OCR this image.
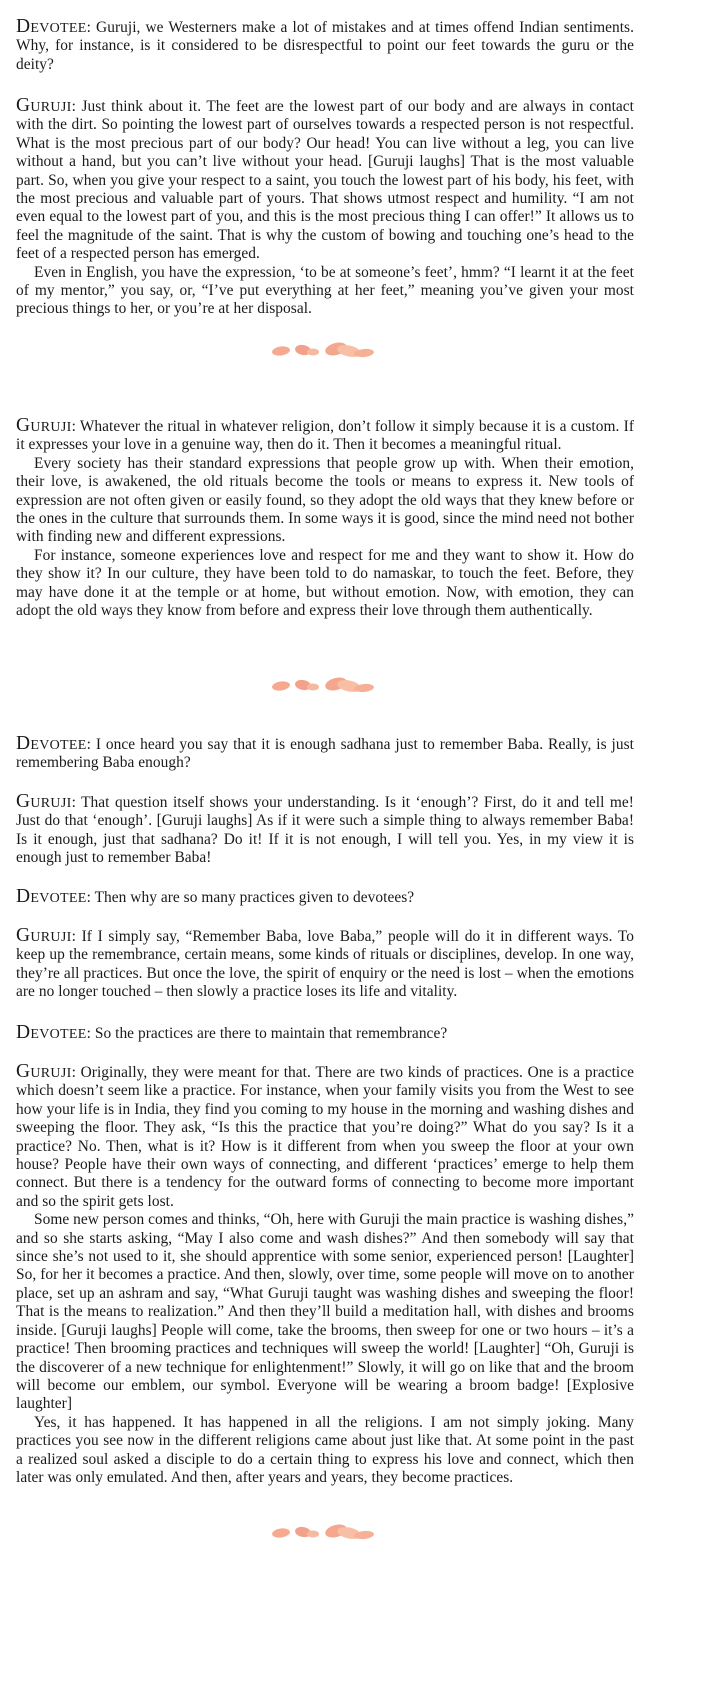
Devotee: Guruji, we Westerners make a lot of mistakes and at times offend Indian sentiments. Why, for instance, is it considered to be disrespectful to point our feet towards the guru or the deity?

Guruji: Just think about it. The feet are the lowest part of our body and are always in contact with the dirt. So pointing the lowest part of ourselves towards a respected person is not respectful. What is the most precious part of our body? Our head! You can live without a leg, you can live without a hand, but you can’t live without your head. [Guruji laughs] That is the most valuable part. So, when you give your respect to a saint, you touch the lowest part of his body, his feet, with the most precious and valuable part of yours. That shows utmost respect and humility. “I am not even equal to the lowest part of you, and this is the most precious thing I can offer!” It allows us to feel the magnitude of the saint. That is why the custom of bowing and touching one’s head to the feet of a respected person has emerged.

Even in English, you have the expression, ‘to be at someone’s feet’, hmm? “I learnt it at the feet of my mentor,” you say, or, “I’ve put everything at her feet,” meaning you’ve given your most precious things to her, or you’re at her disposal.

Guruji: Whatever the ritual in whatever religion, don’t follow it simply because it is a custom. If it expresses your love in a genuine way, then do it. Then it becomes a meaningful ritual.

Every society has their standard expressions that people grow up with. When their emotion, their love, is awakened, the old rituals become the tools or means to express it. New tools of expression are not often given or easily found, so they adopt the old ways that they knew before or the ones in the culture that surrounds them. In some ways it is good, since the mind need not bother with finding new and different expressions.

For instance, someone experiences love and respect for me and they want to show it. How do they show it? In our culture, they have been told to do namaskar, to touch the feet. Before, they may have done it at the temple or at home, but without emotion. Now, with emotion, they can adopt the old ways they know from before and express their love through them authentically.

Devotee: I once heard you say that it is enough sadhana just to remember Baba. Really, is just remembering Baba enough?

Guruji: That question itself shows your understanding. Is it ‘enough’? First, do it and tell me! Just do that ‘enough’. [Guruji laughs] As if it were such a simple thing to always remember Baba! Is it enough, just that sadhana? Do it! If it is not enough, I will tell you. Yes, in my view it is enough just to remember Baba!

Devotee: Then why are so many practices given to devotees?

Guruji: If I simply say, “Remember Baba, love Baba,” people will do it in different ways. To keep up the remembrance, certain means, some kinds of rituals or disciplines, develop. In one way, they’re all practices. But once the love, the spirit of enquiry or the need is lost – when the emotions are no longer touched – then slowly a practice loses its life and vitality.

Devotee: So the practices are there to maintain that remembrance?

Guruji: Originally, they were meant for that. There are two kinds of practices. One is a practice which doesn’t seem like a practice. For instance, when your family visits you from the West to see how your life is in India, they find you coming to my house in the morning and washing dishes and sweeping the floor. They ask, “Is this the practice that you’re doing?” What do you say? Is it a practice? No. Then, what is it? How is it different from when you sweep the floor at your own house? People have their own ways of connecting, and different ‘practices’ emerge to help them connect. But there is a tendency for the outward forms of connecting to become more important and so the spirit gets lost.

Some new person comes and thinks, “Oh, here with Guruji the main practice is washing dishes,” and so she starts asking, “May I also come and wash dishes?” And then somebody will say that since she’s not used to it, she should apprentice with some senior, experienced person! [Laughter] So, for her it becomes a practice. And then, slowly, over time, some people will move on to another place, set up an ashram and say, “What Guruji taught was washing dishes and sweeping the floor! That is the means to realization.” And then they’ll build a meditation hall, with dishes and brooms inside. [Guruji laughs] People will come, take the brooms, then sweep for one or two hours – it’s a practice! Then brooming practices and techniques will sweep the world! [Laughter] “Oh, Guruji is the discoverer of a new technique for enlightenment!” Slowly, it will go on like that and the broom will become our emblem, our symbol. Everyone will be wearing a broom badge! [Explosive laughter]

Yes, it has happened. It has happened in all the religions. I am not simply joking. Many practices you see now in the different religions came about just like that. At some point in the past a realized soul asked a disciple to do a certain thing to express his love and connect, which then later was only emulated. And then, after years and years, they become practices.
